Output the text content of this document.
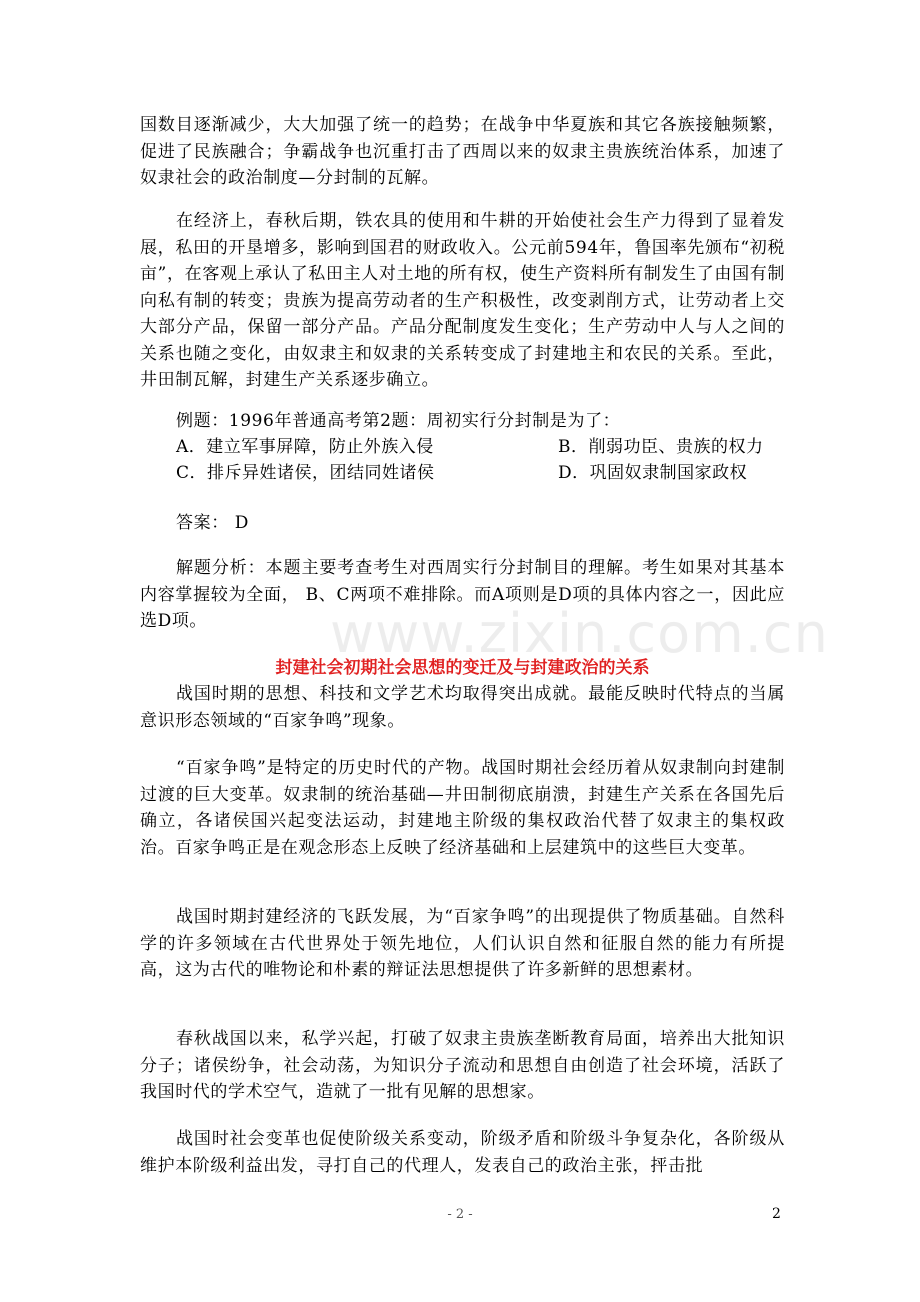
www.zixin.com.cn

国数目逐渐减少，大大加强了统一的趋势；在战争中华夏族和其它各族接触频繁，促进了民族融合；争霸战争也沉重打击了西周以来的奴隶主贵族统治体系，加速了奴隶社会的政治制度—分封制的瓦解。

在经济上，春秋后期，铁农具的使用和牛耕的开始使社会生产力得到了显着发展，私田的开垦增多，影响到国君的财政收入。公元前594年，鲁国率先颁布“初税亩”，在客观上承认了私田主人对土地的所有权，使生产资料所有制发生了由国有制向私有制的转变；贵族为提高劳动者的生产积极性，改变剥削方式，让劳动者上交大部分产品，保留一部分产品。产品分配制度发生变化；生产劳动中人与人之间的关系也随之变化，由奴隶主和奴隶的关系转变成了封建地主和农民的关系。至此，井田制瓦解，封建生产关系逐步确立。

例题：1996年普通高考第2题：周初实行分封制是为了：
A．建立军事屏障，防止外族入侵	B．削弱功臣、贵族的权力
C．排斥异姓诸侯，团结同姓诸侯	D．巩固奴隶制国家政权
答案： D

解题分析：本题主要考查考生对西周实行分封制目的理解。考生如果对其基本内容掌握较为全面， B、C两项不难排除。而A项则是D项的具体内容之一，因此应选D项。

封建社会初期社会思想的变迁及与封建政治的关系

战国时期的思想、科技和文学艺术均取得突出成就。最能反映时代特点的当属意识形态领域的“百家争鸣”现象。

“百家争鸣”是特定的历史时代的产物。战国时期社会经历着从奴隶制向封建制过渡的巨大变革。奴隶制的统治基础—井田制彻底崩溃，封建生产关系在各国先后确立，各诸侯国兴起变法运动，封建地主阶级的集权政治代替了奴隶主的集权政治。百家争鸣正是在观念形态上反映了经济基础和上层建筑中的这些巨大变革。

战国时期封建经济的飞跃发展，为“百家争鸣”的出现提供了物质基础。自然科学的许多领域在古代世界处于领先地位，人们认识自然和征服自然的能力有所提高，这为古代的唯物论和朴素的辩证法思想提供了许多新鲜的思想素材。

春秋战国以来，私学兴起，打破了奴隶主贵族垄断教育局面，培养出大批知识分子；诸侯纷争，社会动荡，为知识分子流动和思想自由创造了社会环境，活跃了我国时代的学术空气，造就了一批有见解的思想家。

战国时社会变革也促使阶级关系变动，阶级矛盾和阶级斗争复杂化，各阶级从维护本阶级利益出发，寻打自己的代理人，发表自己的政治主张，抨击批

- 2 -	2
